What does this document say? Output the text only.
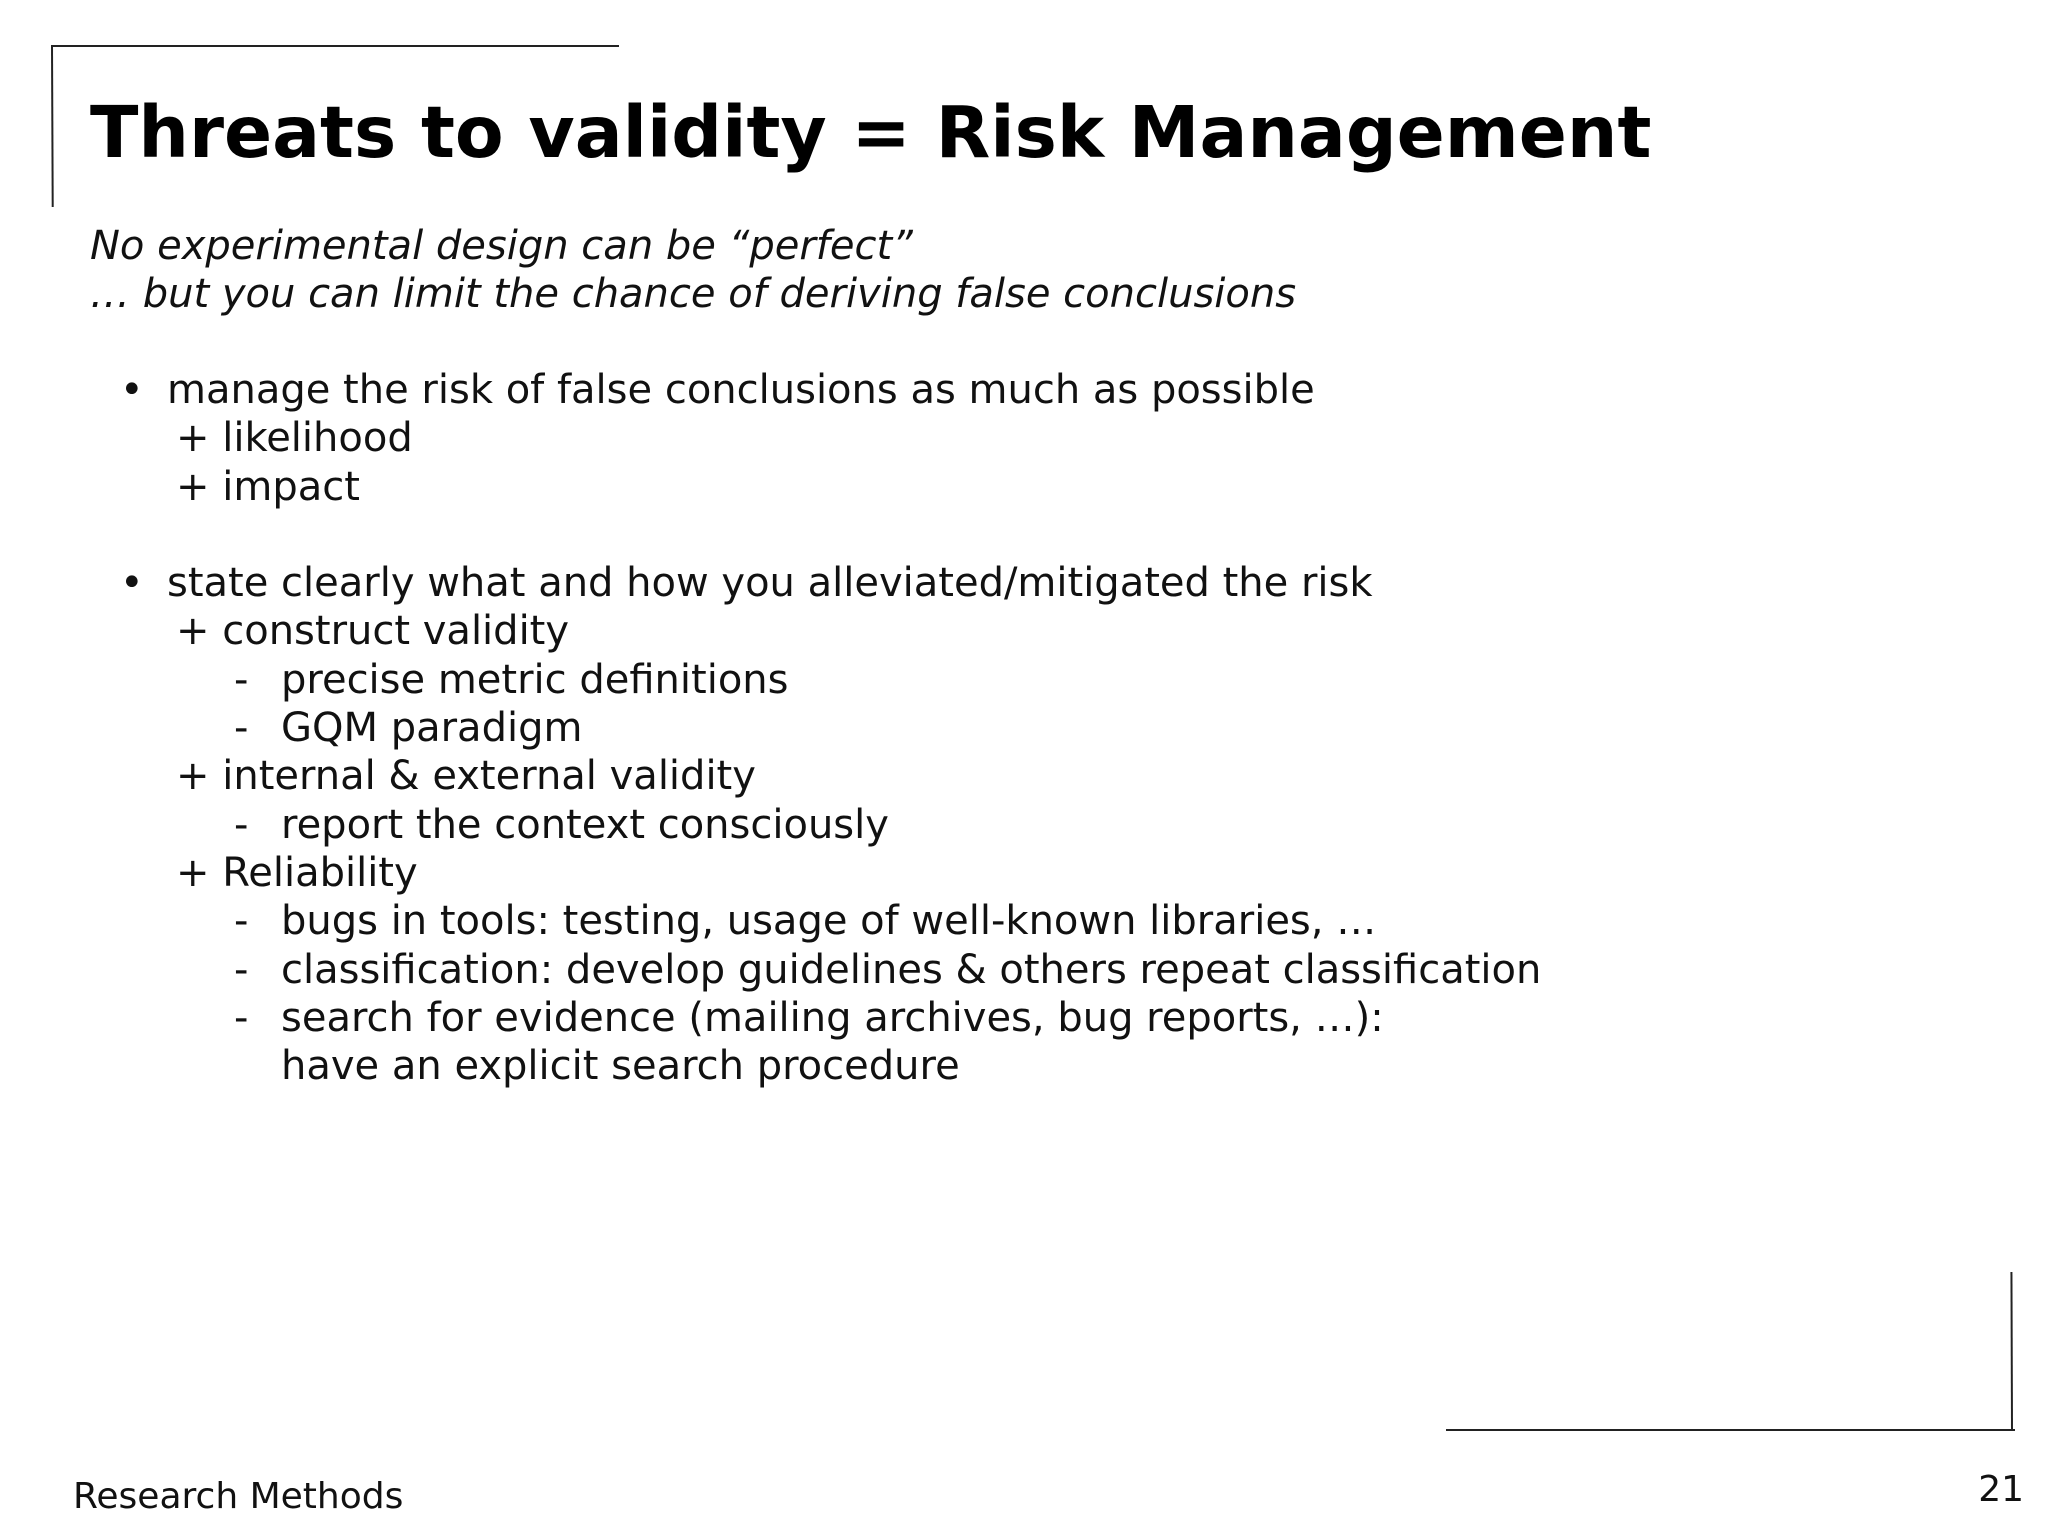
Threats to validity = Risk Management
No experimental design can be “perfect”
… but you can limit the chance of deriving false conclusions
• manage the risk of false conclusions as much as possible
+ likelihood
+ impact
• state clearly what and how you alleviated/mitigated the risk
+ construct validity
- precise metric definitions
- GQM paradigm
+ internal & external validity
- report the context consciously
+ Reliability
- bugs in tools: testing, usage of well-known libraries, …
- classification: develop guidelines & others repeat classification
- search for evidence (mailing archives, bug reports, …):
have an explicit search procedure
Research Methods	21
